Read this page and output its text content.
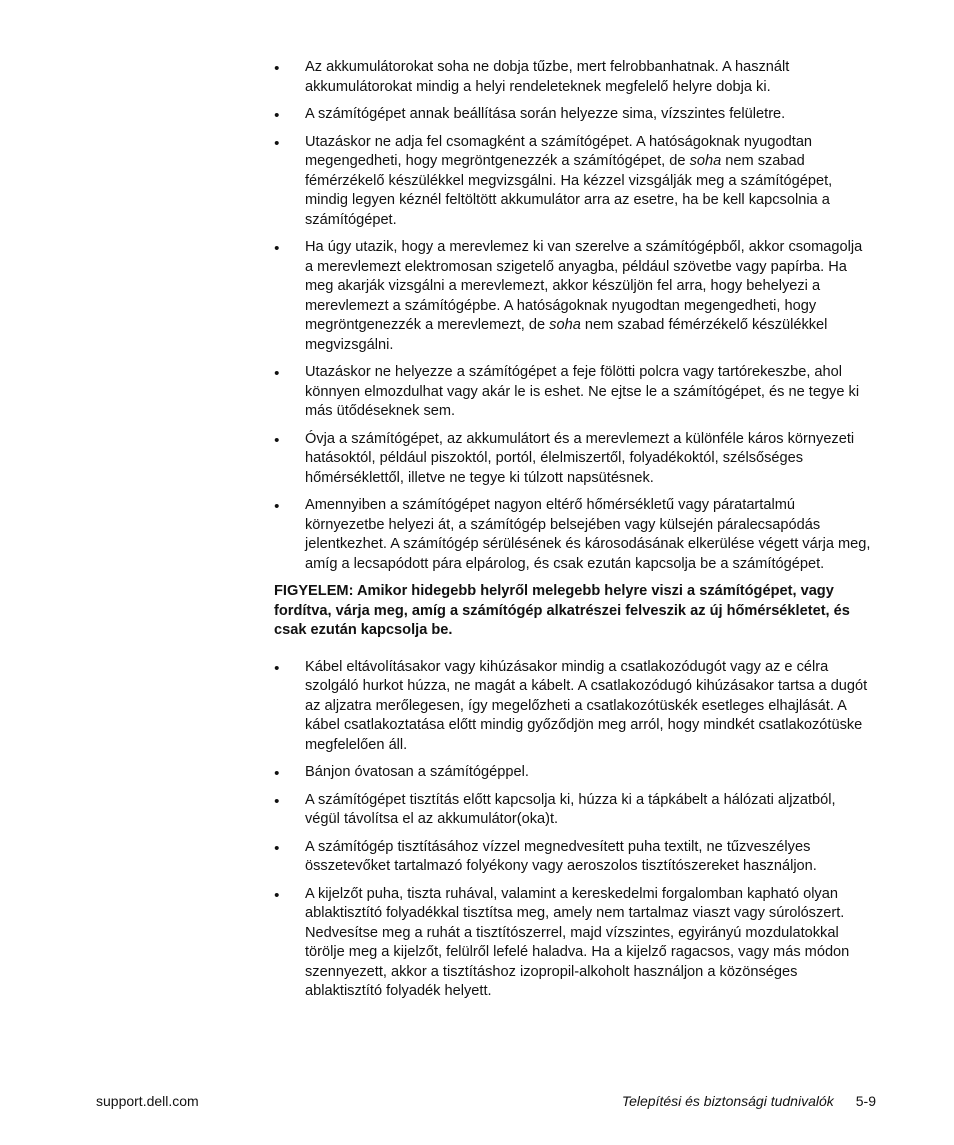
• Az akkumulátorokat soha ne dobja tűzbe, mert felrobbanhatnak. A használt akkumulátorokat mindig a helyi rendeleteknek megfelelő helyre dobja ki.
• A számítógépet annak beállítása során helyezze sima, vízszintes felületre.
• Utazáskor ne adja fel csomagként a számítógépet. A hatóságoknak nyugodtan megengedheti, hogy megröntgenezzék a számítógépet, de soha nem szabad fémérzékelő készülékkel megvizsgálni. Ha kézzel vizsgálják meg a számítógépet, mindig legyen kéznél feltöltött akkumulátor arra az esetre, ha be kell kapcsolnia a számítógépet.
• Ha úgy utazik, hogy a merevlemez ki van szerelve a számítógépből, akkor csomagolja a merevlemezt elektromosan szigetelő anyagba, például szövetbe vagy papírba. Ha meg akarják vizsgálni a merevlemezt, akkor készüljön fel arra, hogy behelyezi a merevlemezt a számítógépbe. A hatóságoknak nyugodtan megengedheti, hogy megröntgenezzék a merevlemezt, de soha nem szabad fémérzékelő készülékkel megvizsgálni.
• Utazáskor ne helyezze a számítógépet a feje fölötti polcra vagy tartórekeszbe, ahol könnyen elmozdulhat vagy akár le is eshet. Ne ejtse le a számítógépet, és ne tegye ki más ütődéseknek sem.
• Óvja a számítógépet, az akkumulátort és a merevlemezt a különféle káros környezeti hatásoktól, például piszoktól, portól, élelmiszertől, folyadékoktól, szélsőséges hőmérséklettől, illetve ne tegye ki túlzott napsütésnek.
• Amennyiben a számítógépet nagyon eltérő hőmérsékletű vagy páratartalmú környezetbe helyezi át, a számítógép belsejében vagy külsején páralecsapódás jelentkezhet. A számítógép sérülésének és károsodásának elkerülése végett várja meg, amíg a lecsapódott pára elpárolog, és csak ezután kapcsolja be a számítógépet.

FIGYELEM: Amikor hidegebb helyről melegebb helyre viszi a számítógépet, vagy fordítva, várja meg, amíg a számítógép alkatrészei felveszik az új hőmérsékletet, és csak ezután kapcsolja be.

• Kábel eltávolításakor vagy kihúzásakor mindig a csatlakozódugót vagy az e célra szolgáló hurkot húzza, ne magát a kábelt. A csatlakozódugó kihúzásakor tartsa a dugót az aljzatra merőlegesen, így megelőzheti a csatlakozótüskék esetleges elhajlását. A kábel csatlakoztatása előtt mindig győződjön meg arról, hogy mindkét csatlakozótüske megfelelően áll.
• Bánjon óvatosan a számítógéppel.
• A számítógépet tisztítás előtt kapcsolja ki, húzza ki a tápkábelt a hálózati aljzatból, végül távolítsa el az akkumulátor(oka)t.
• A számítógép tisztításához vízzel megnedvesített puha textilt, ne tűzveszélyes összetevőket tartalmazó folyékony vagy aeroszolos tisztítószereket használjon.
• A kijelzőt puha, tiszta ruhával, valamint a kereskedelmi forgalomban kapható olyan ablaktisztító folyadékkal tisztítsa meg, amely nem tartalmaz viaszt vagy súrolószert. Nedvesítse meg a ruhát a tisztítószerrel, majd vízszintes, egyirányú mozdulatokkal törölje meg a kijelzőt, felülről lefelé haladva. Ha a kijelző ragacsos, vagy más módon szennyezett, akkor a tisztításhoz izopropil-alkoholt használjon a közönséges ablaktisztító folyadék helyett.
support.dell.com	Telepítési és biztonsági tudnivalók 5-9
